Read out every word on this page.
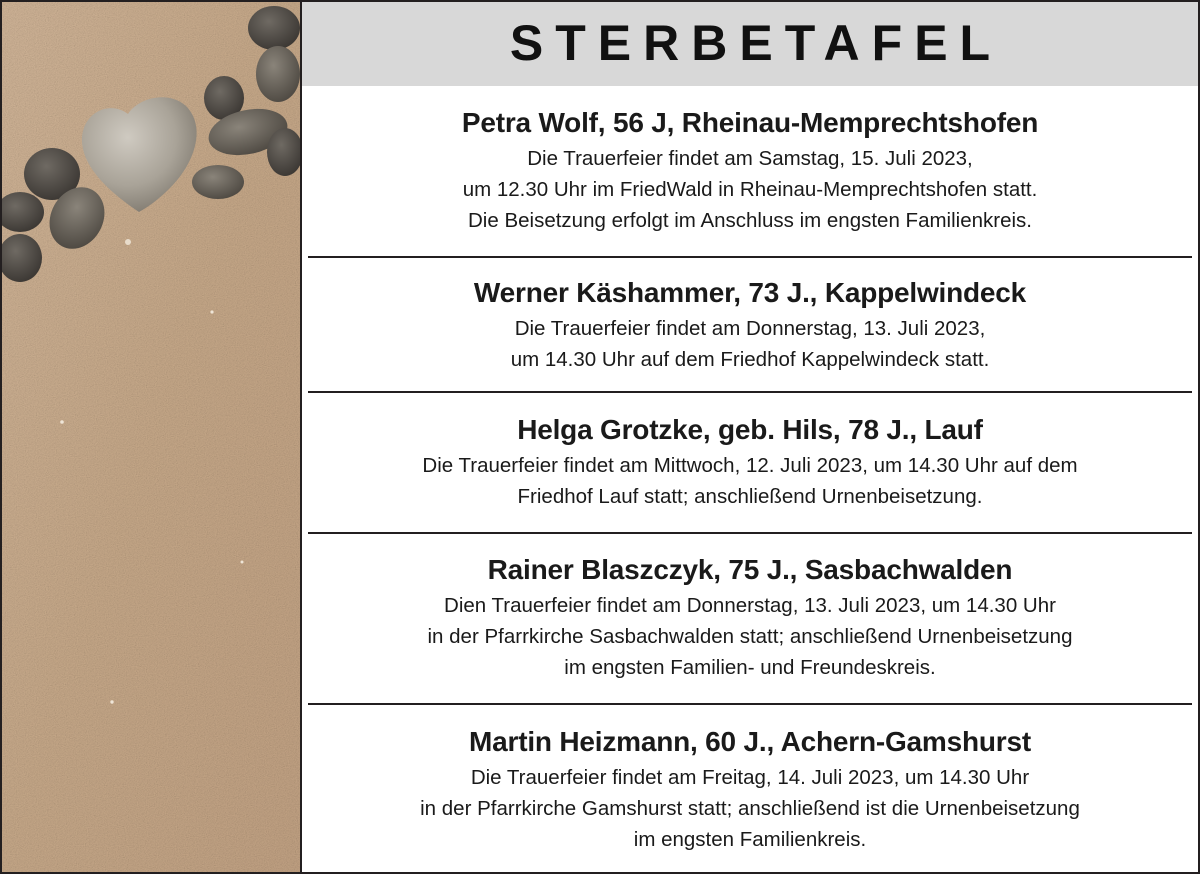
STERBETAFEL
Petra Wolf, 56 J, Rheinau-Memprechtshofen
Die Trauerfeier findet am Samstag, 15. Juli 2023,
um 12.30 Uhr im FriedWald in Rheinau-Memprechtshofen statt.
Die Beisetzung erfolgt im Anschluss im engsten Familienkreis.
Werner Käshammer, 73 J., Kappelwindeck
Die Trauerfeier findet am Donnerstag, 13. Juli 2023,
um 14.30 Uhr auf dem Friedhof Kappelwindeck statt.
Helga Grotzke, geb. Hils, 78 J., Lauf
Die Trauerfeier findet am Mittwoch, 12. Juli 2023, um 14.30 Uhr auf dem
Friedhof Lauf statt; anschließend Urnenbeisetzung.
Rainer Blaszczyk, 75 J., Sasbachwalden
Dien Trauerfeier findet am Donnerstag, 13. Juli 2023, um 14.30 Uhr
in der Pfarrkirche Sasbachwalden statt; anschließend Urnenbeisetzung
im engsten Familien- und Freundeskreis.
Martin Heizmann, 60 J., Achern-Gamshurst
Die Trauerfeier findet am Freitag, 14. Juli 2023, um 14.30 Uhr
in der Pfarrkirche Gamshurst statt; anschließend ist die Urnenbeisetzung
im engsten Familienkreis.
